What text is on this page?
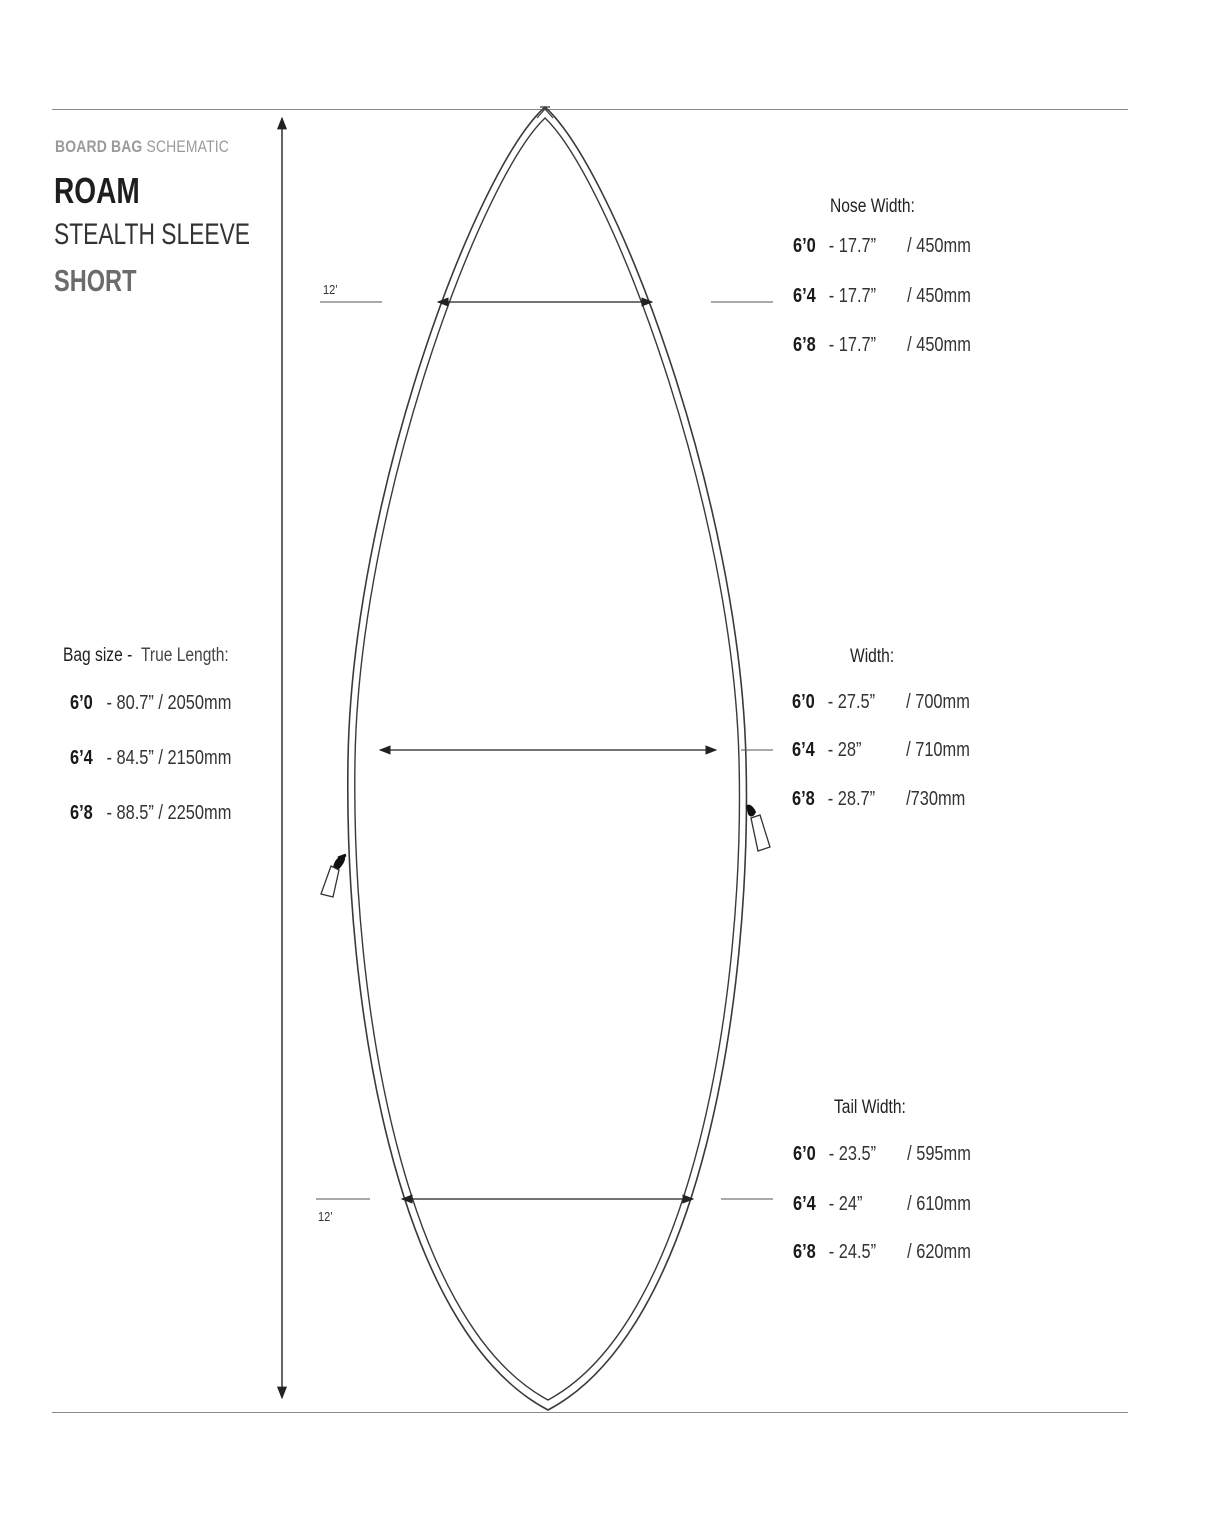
BOARD BAG SCHEMATIC
ROAM
STEALTH SLEEVE
SHORT	12’
12’
Bag size - True Length:
6’0 - 80.7” / 2050mm
6’4 - 84.5” / 2150mm
6’8 - 88.5” / 2250mm
Nose Width:
6’0 - 17.7” / 450mm
6’4 - 17.7” / 450mm
6’8 - 17.7” / 450mm
Width:
6’0 - 27.5” / 700mm
6’4 - 28” / 710mm
6’8 - 28.7” /730mm
Tail Width:
6’0 - 23.5” / 595mm
6’4 - 24” / 610mm
6’8 - 24.5” / 620mm
